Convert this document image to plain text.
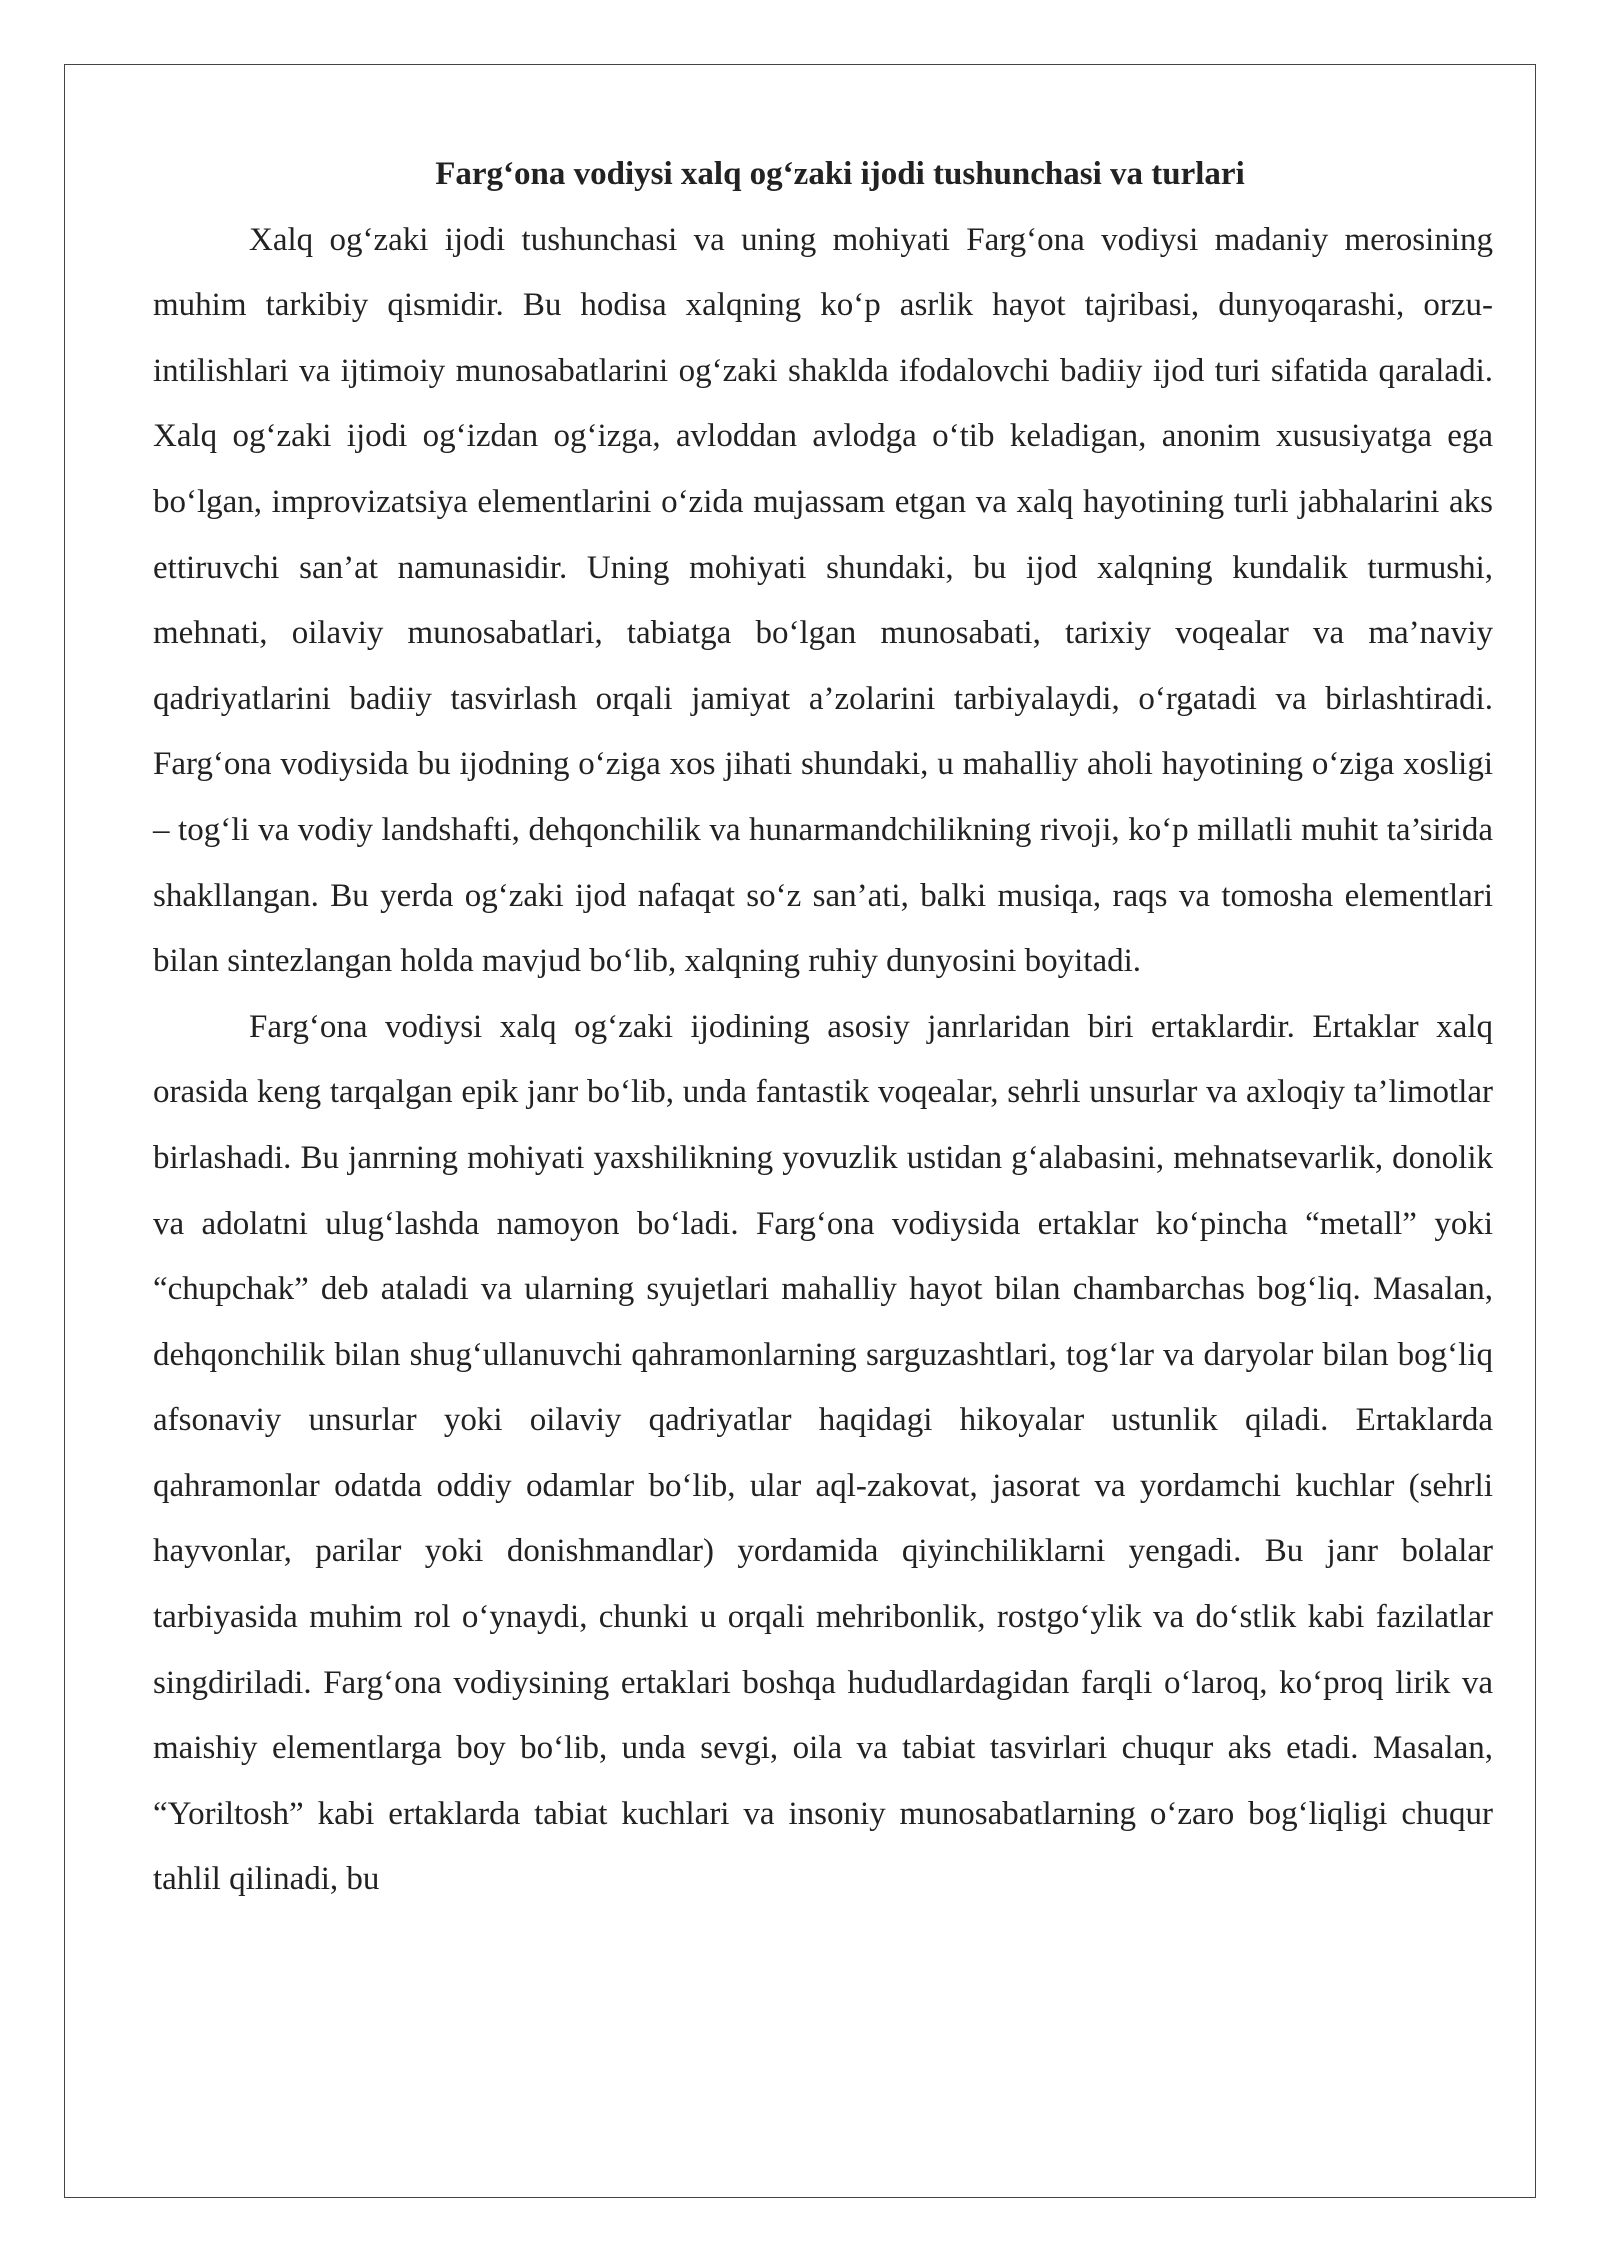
Farg‘ona vodiysi xalq og‘zaki ijodi tushunchasi va turlari

Xalq og‘zaki ijodi tushunchasi va uning mohiyati Farg‘ona vodiysi madaniy merosining muhim tarkibiy qismidir. Bu hodisa xalqning ko‘p asrlik hayot tajribasi, dunyoqarashi, orzu-intilishlari va ijtimoiy munosabatlarini og‘zaki shaklda ifodalovchi badiiy ijod turi sifatida qaraladi. Xalq og‘zaki ijodi og‘izdan og‘izga, avloddan avlodga o‘tib keladigan, anonim xususiyatga ega bo‘lgan, improvizatsiya elementlarini o‘zida mujassam etgan va xalq hayotining turli jabhalarini aks ettiruvchi san’at namunasidir. Uning mohiyati shundaki, bu ijod xalqning kundalik turmushi, mehnati, oilaviy munosabatlari, tabiatga bo‘lgan munosabati, tarixiy voqealar va ma’naviy qadriyatlarini badiiy tasvirlash orqali jamiyat a’zolarini tarbiyalaydi, o‘rgatadi va birlashtiradi. Farg‘ona vodiysida bu ijodning o‘ziga xos jihati shundaki, u mahalliy aholi hayotining o‘ziga xosligi – tog‘li va vodiy landshafti, dehqonchilik va hunarmandchilikning rivoji, ko‘p millatli muhit ta’sirida shakllangan. Bu yerda og‘zaki ijod nafaqat so‘z san’ati, balki musiqa, raqs va tomosha elementlari bilan sintezlangan holda mavjud bo‘lib, xalqning ruhiy dunyosini boyitadi.

Farg‘ona vodiysi xalq og‘zaki ijodining asosiy janrlaridan biri ertaklardir. Ertaklar xalq orasida keng tarqalgan epik janr bo‘lib, unda fantastik voqealar, sehrli unsurlar va axloqiy ta’limotlar birlashadi. Bu janrning mohiyati yaxshilikning yovuzlik ustidan g‘alabasini, mehnatsevarlik, donolik va adolatni ulug‘lashda namoyon bo‘ladi. Farg‘ona vodiysida ertaklar ko‘pincha “metall” yoki “chupchak” deb ataladi va ularning syujetlari mahalliy hayot bilan chambarchas bog‘liq. Masalan, dehqonchilik bilan shug‘ullanuvchi qahramonlarning sarguzashtlari, tog‘lar va daryolar bilan bog‘liq afsonaviy unsurlar yoki oilaviy qadriyatlar haqidagi hikoyalar ustunlik qiladi. Ertaklarda qahramonlar odatda oddiy odamlar bo‘lib, ular aql-zakovat, jasorat va yordamchi kuchlar (sehrli hayvonlar, parilar yoki donishmandlar) yordamida qiyinchiliklarni yengadi. Bu janr bolalar tarbiyasida muhim rol o‘ynaydi, chunki u orqali mehribonlik, rostgo‘ylik va do‘stlik kabi fazilatlar singdiriladi. Farg‘ona vodiysining ertaklari boshqa hududlardagidan farqli o‘laroq, ko‘proq lirik va maishiy elementlarga boy bo‘lib, unda sevgi, oila va tabiat tasvirlari chuqur aks etadi. Masalan, “Yoriltosh” kabi ertaklarda tabiat kuchlari va insoniy munosabatlarning o‘zaro bog‘liqligi chuqur tahlil qilinadi, bu
